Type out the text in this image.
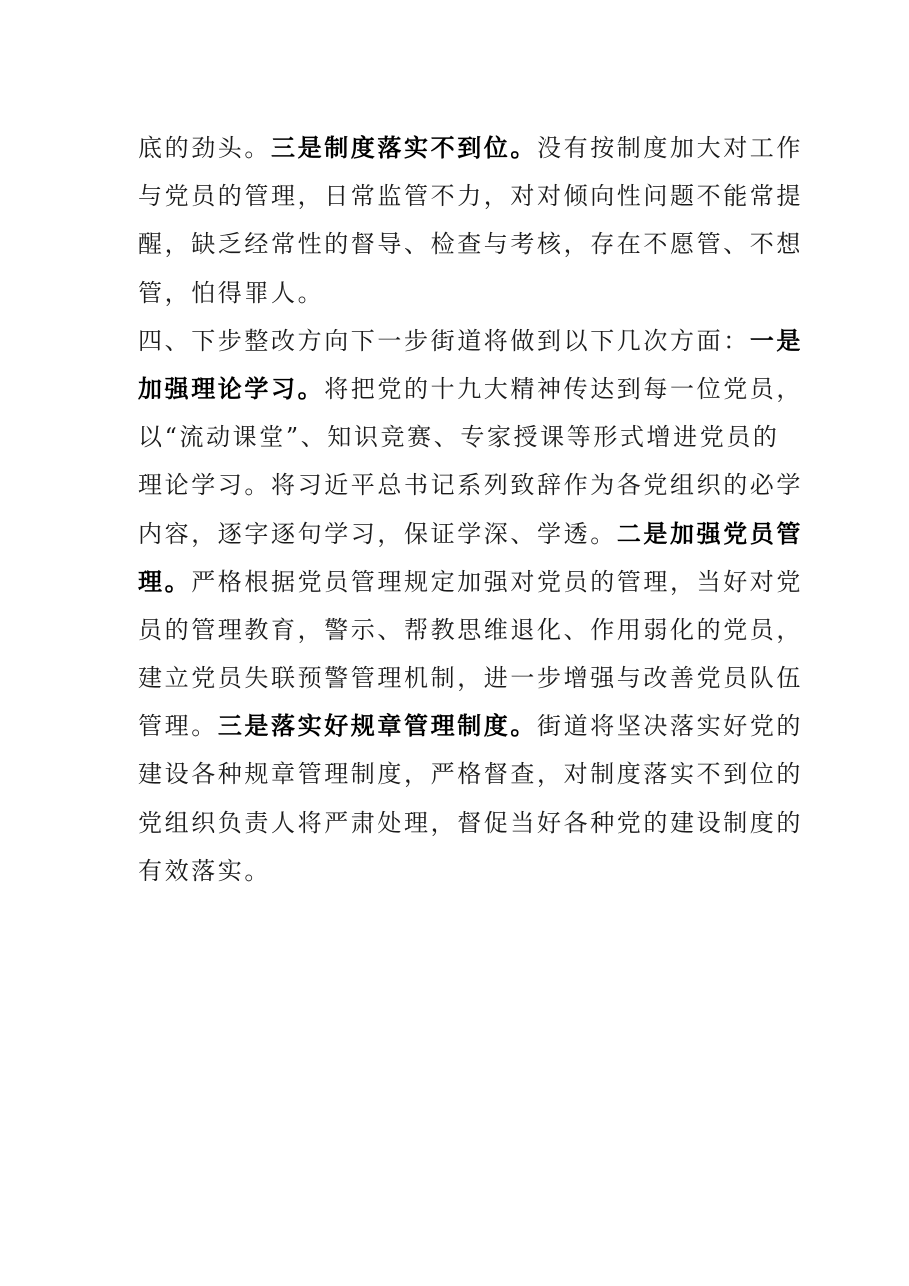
底的劲头。三是制度落实不到位。没有按制度加大对工作
与党员的管理，日常监管不力，对对倾向性问题不能常提
醒，缺乏经常性的督导、检查与考核，存在不愿管、不想
管，怕得罪人。
四、下步整改方向下一步街道将做到以下几次方面：一是
加强理论学习。将把党的十九大精神传达到每一位党员，
以“流动课堂”、知识竞赛、专家授课等形式增进党员的
理论学习。将习近平总书记系列致辞作为各党组织的必学
内容，逐字逐句学习，保证学深、学透。二是加强党员管
理。严格根据党员管理规定加强对党员的管理，当好对党
员的管理教育，警示、帮教思维退化、作用弱化的党员，
建立党员失联预警管理机制，进一步增强与改善党员队伍
管理。三是落实好规章管理制度。街道将坚决落实好党的
建设各种规章管理制度，严格督查，对制度落实不到位的
党组织负责人将严肃处理，督促当好各种党的建设制度的
有效落实。
